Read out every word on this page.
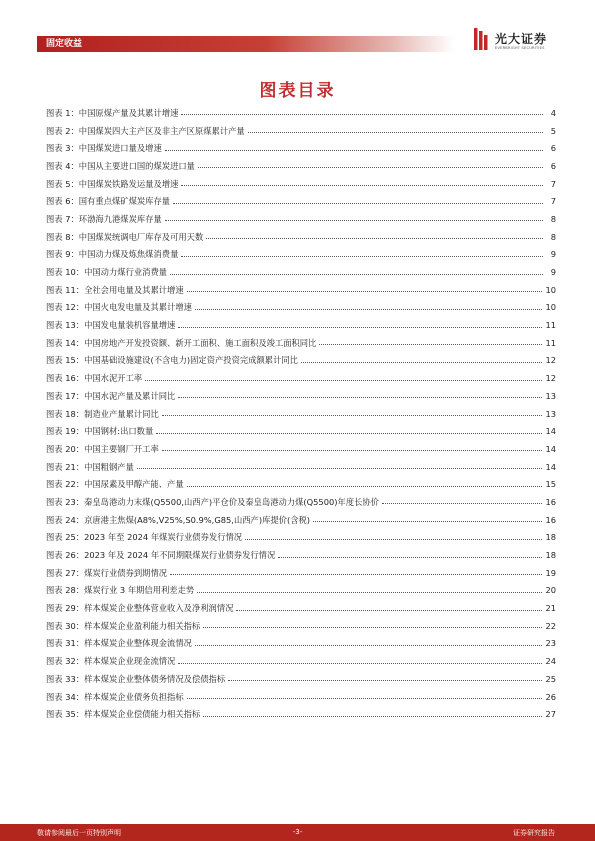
固定收益	光大证券
EVERBRIGHT SECURITIES
图表目录
图表 1：中国原煤产量及其累计增速	4
图表 2：中国煤炭四大主产区及非主产区原煤累计产量	5
图表 3：中国煤炭进口量及增速	6
图表 4：中国从主要进口国的煤炭进口量	6
图表 5：中国煤炭铁路发运量及增速	7
图表 6：国有重点煤矿煤炭库存量	7
图表 7：环渤海九港煤炭库存量	8
图表 8：中国煤炭统调电厂库存及可用天数	8
图表 9：中国动力煤及炼焦煤消费量	9
图表 10：中国动力煤行业消费量	9
图表 11：全社会用电量及其累计增速	10
图表 12：中国火电发电量及其累计增速	10
图表 13：中国发电量装机容量增速	11
图表 14：中国房地产开发投资额、新开工面积、施工面积及竣工面积同比	11
图表 15：中国基础设施建设(不含电力)固定资产投资完成额累计同比	12
图表 16：中国水泥开工率	12
图表 17：中国水泥产量及累计同比	13
图表 18：制造业产量累计同比	13
图表 19：中国钢材:出口数量	14
图表 20：中国主要钢厂开工率	14
图表 21：中国粗钢产量	14
图表 22：中国尿素及甲醇产能、产量	15
图表 23：秦皇岛港动力末煤(Q5500,山西产)平仓价及秦皇岛港动力煤(Q5500)年度长协价	16
图表 24：京唐港主焦煤(A8%,V25%,S0.9%,G85,山西产)库提价(含税)	16
图表 25：2023 年至 2024 年煤炭行业债券发行情况	18
图表 26：2023 年及 2024 年不同期限煤炭行业债券发行情况	18
图表 27：煤炭行业债券到期情况	19
图表 28：煤炭行业 3 年期信用利差走势	20
图表 29：样本煤炭企业整体营业收入及净利润情况	21
图表 30：样本煤炭企业盈利能力相关指标	22
图表 31：样本煤炭企业整体现金流情况	23
图表 32：样本煤炭企业现金流情况	24
图表 33：样本煤炭企业整体债务情况及偿债指标	25
图表 34：样本煤炭企业债务负担指标	26
图表 35：样本煤炭企业偿债能力相关指标	27
敬请参阅最后一页特别声明	-3-	证券研究报告
